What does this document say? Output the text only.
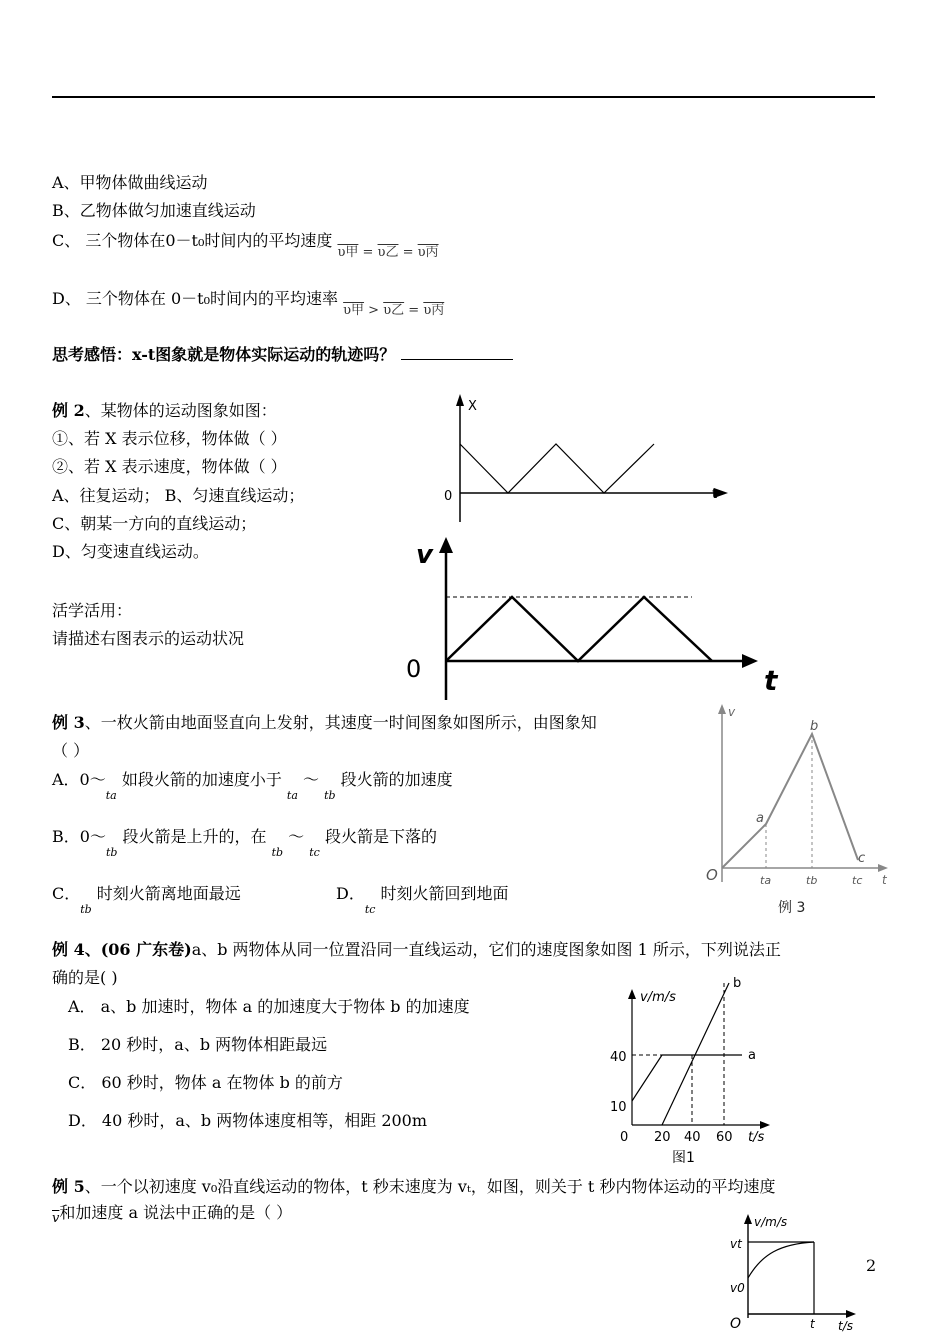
A、甲物体做曲线运动
B、乙物体做匀加速直线运动
C、 三个物体在0－t₀时间内的平均速度 $_{\upsilon 甲 = \upsilon 乙 = \upsilon 丙}$
D、 三个物体在 0－t₀时间内的平均速率 $_{\upsilon 甲 > \upsilon 乙 = \upsilon 丙}$
思考感悟：x-t图象就是物体实际运动的轨迹吗？
例 2、某物体的运动图象如图：
①、若 X 表示位移，物体做（ ）
②、若 X 表示速度，物体做（ ）
A、往复运动； B、匀速直线运动；
C、朝某一方向的直线运动；
D、匀变速直线运动。
X
t
0
活学活用：
请描述右图表示的运动状况
v
t
0
例 3、一枚火箭由地面竖直向上发射，其速度一时间图象如图所示，由图象知
（ ）
A．$0\sim_{ta}$ 如段火箭的加速度小于 $_{ta}$ ～ $_{tb}$ 段火箭的加速度
B．$0\sim_{tb}$ 段火箭是上升的，在 $_{tb}$ ～ $_{tc}$ 段火箭是下落的
C．$_{tb}$ 时刻火箭离地面最远	D．$_{tc}$ 时刻火箭回到地面
v
t
O
a
b
c
ta	tb	tc
例 3
例 4、(06 广东卷)a、b 两物体从同一位置沿同一直线运动，它们的速度图象如图 1 所示，下列说法正
确的是( )
A． a、b 加速时，物体 a 的加速度大于物体 b 的加速度
B． 20 秒时，a、b 两物体相距最远
C． 60 秒时，物体 a 在物体 b 的前方
D． 40 秒时，a、b 两物体速度相等，相距 200m
v/m/s
t/s
10
40
0 20 40 60
a
b
图1
例 5、一个以初速度 v₀沿直线运动的物体，t 秒末速度为 vₜ，如图，则关于 t 秒内物体运动的平均速度
$_{\overline{v}}$和加速度 a 说法中正确的是（ ）	v/m/s
t/s
O
vt
v0
t
2
